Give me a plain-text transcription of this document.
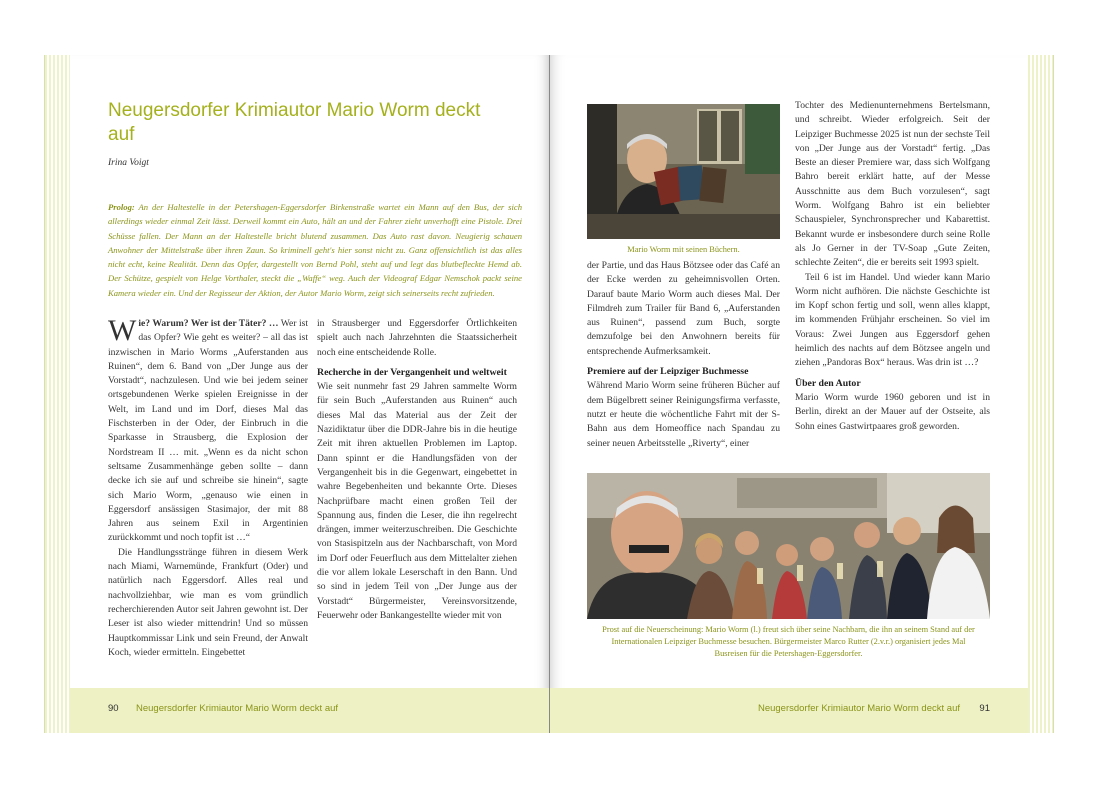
Neugersdorfer Krimiautor Mario Worm deckt auf
Irina Voigt
Prolog: An der Haltestelle in der Petershagen-Eggersdorfer Birkenstraße wartet ein Mann auf den Bus, der sich allerdings wieder einmal Zeit lässt. Derweil kommt ein Auto, hält an und der Fahrer zieht unverhofft eine Pistole. Drei Schüsse fallen. Der Mann an der Haltestelle bricht blutend zusammen. Das Auto rast davon. Neugierig schauen Anwohner der Mittelstraße über ihren Zaun. So kriminell geht's hier sonst nicht zu. Ganz offensichtlich ist das alles nicht echt, keine Realität. Denn das Opfer, dargestellt von Bernd Pohl, steht auf und legt das blutbefleckte Hemd ab. Der Schütze, gespielt von Helge Vorthaler, steckt die „Waffe“ weg. Auch der Videograf Edgar Nemschok packt seine Kamera wieder ein. Und der Regisseur der Aktion, der Autor Mario Worm, zeigt sich seinerseits recht zufrieden.

Wie? Warum? Wer ist der Täter? … Wer ist das Opfer? Wie geht es weiter? – all das ist inzwischen in Mario Worms „Auferstanden aus Ruinen“, dem 6. Band von „Der Junge aus der Vorstadt“, nachzulesen. Und wie bei jedem seiner ortsgebundenen Werke spielen Ereignisse in der Welt, im Land und im Dorf, dieses Mal das Fischsterben in der Oder, der Einbruch in die Sparkasse in Strausberg, die Explosion der Nordstream II … mit. „Wenn es da nicht schon seltsame Zusammenhänge geben sollte – dann decke ich sie auf und schreibe sie hinein“, sagte sich Mario Worm, „genauso wie einen in Eggersdorf ansässigen Stasimajor, der mit 88 Jahren aus seinem Exil in Argentinien zurückkommt und noch topfit ist …“

Die Handlungsstränge führen in diesem Werk nach Miami, Warnemünde, Frankfurt (Oder) und natürlich nach Eggersdorf. Alles real und nachvollziehbar, wie man es vom gründlich recherchierenden Autor seit Jahren gewohnt ist. Der Leser ist also wieder mittendrin! Und so müssen Hauptkommissar Link und sein Freund, der Anwalt Koch, wieder ermitteln. Eingebettet

in Strausberger und Eggersdorfer Örtlichkeiten spielt auch nach Jahrzehnten die Staatssicherheit noch eine entscheidende Rolle.

Recherche in der Vergangenheit und weltweit

Wie seit nunmehr fast 29 Jahren sammelte Worm für sein Buch „Auferstanden aus Ruinen“ auch dieses Mal das Material aus der Zeit der Nazidiktatur über die DDR-Jahre bis in die heutige Zeit mit ihren aktuellen Problemen im Laptop. Dann spinnt er die Handlungsfäden von der Vergangenheit bis in die Gegenwart, eingebettet in wahre Begebenheiten und bekannte Orte. Dieses Nachprüfbare macht einen großen Teil der Spannung aus, finden die Leser, die ihn regelrecht drängen, immer weiterzuschreiben. Die Geschichte von Stasispitzeln aus der Nachbarschaft, von Mord im Dorf oder Feuerfluch aus dem Mittelalter ziehen die vor allem lokale Leserschaft in den Bann. Und so sind in jedem Teil von „Der Junge aus der Vorstadt“ Bürgermeister, Vereinsvorsitzende, Feuerwehr oder Bankangestellte wieder mit von

90 Neugersdorfer Krimiautor Mario Worm deckt auf
Mario Worm mit seinen Büchern.

der Partie, und das Haus Bötzsee oder das Café an der Ecke werden zu geheimnisvollen Orten. Darauf baute Mario Worm auch dieses Mal. Der Filmdreh zum Trailer für Band 6, „Auferstanden aus Ruinen“, passend zum Buch, sorgte demzufolge bei den Anwohnern bereits für entsprechende Aufmerksamkeit.

Premiere auf der Leipziger Buchmesse

Während Mario Worm seine früheren Bücher auf dem Bügelbrett seiner Reinigungsfirma verfasste, nutzt er heute die wöchentliche Fahrt mit der S-Bahn aus dem Homeoffice nach Spandau zu seiner neuen Arbeitsstelle „Riverty“, einer

Tochter des Medienunternehmens Bertelsmann, und schreibt. Wieder erfolgreich. Seit der Leipziger Buchmesse 2025 ist nun der sechste Teil von „Der Junge aus der Vorstadt“ fertig. „Das Beste an dieser Premiere war, dass sich Wolfgang Bahro bereit erklärt hatte, auf der Messe Ausschnitte aus dem Buch vorzulesen“, sagt Worm. Wolfgang Bahro ist ein beliebter Schauspieler, Synchronsprecher und Kabarettist. Bekannt wurde er insbesondere durch seine Rolle als Jo Gerner in der TV-Soap „Gute Zeiten, schlechte Zeiten“, die er bereits seit 1993 spielt.

Teil 6 ist im Handel. Und wieder kann Mario Worm nicht aufhören. Die nächste Geschichte ist im Kopf schon fertig und soll, wenn alles klappt, im kommenden Frühjahr erscheinen. So viel im Voraus: Zwei Jungen aus Eggersdorf gehen heimlich des nachts auf dem Bötzsee angeln und ziehen „Pandoras Box“ heraus. Was drin ist …?

Über den Autor

Mario Worm wurde 1960 geboren und ist in Berlin, direkt an der Mauer auf der Ostseite, als Sohn eines Gastwirtpaares groß geworden.

Prost auf die Neuerscheinung: Mario Worm (l.) freut sich über seine Nachbarn, die ihn an seinem Stand auf der Internationalen Leipziger Buchmesse besuchen. Bürgermeister Marco Rutter (2.v.r.) organisiert jedes Mal Busreisen für die Petershagen-Eggersdorfer.
Neugersdorfer Krimiautor Mario Worm deckt auf 91
